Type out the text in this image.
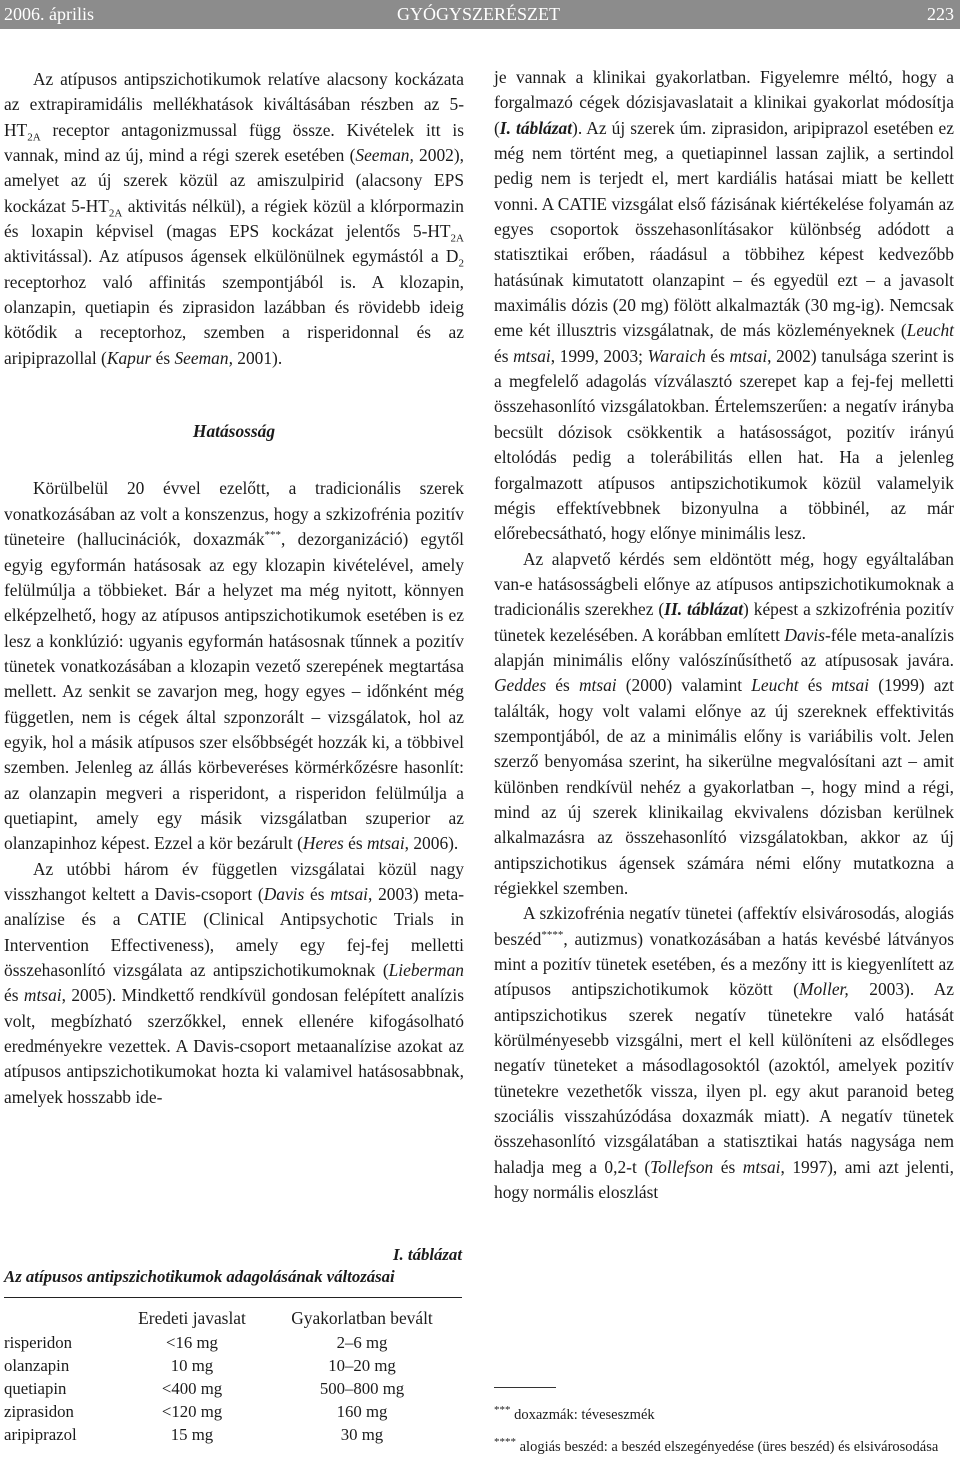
2006. április	GYÓGYSZERÉSZET	223

Az atípusos antipszichotikumok relatíve alacsony kockázata az extrapiramidális mellékhatások kiváltásában részben az $5-HT_{2A}$ receptor antagonizmussal függ össze. Kivételek itt is vannak, mind az új, mind a régi szerek esetében (Seeman, 2002), amelyet az új szerek közül az amiszulpirid (alacsony EPS kockázat $5-HT_{2A}$ aktivitás nélkül), a régiek közül a klórpormazin és loxapin képvisel (magas EPS kockázat jelentős $5-HT_{2A}$ aktivitással). Az atípusos ágensek elkülönülnek egymástól a $D_2$ receptorhoz való affinitás szempontjából is. A klozapin, olanzapin, quetiapin és ziprasidon lazábban és rövidebb ideig kötődik a receptorhoz, szemben a risperidonnal és az aripiprazollal (Kapur és Seeman, 2001).

Hatásosság

Körülbelül 20 évvel ezelőtt, a tradicionális szerek vonatkozásában az volt a konszenzus, hogy a szkizofrénia pozitív tüneteire (hallucinációk, doxazmák***, dezorganizáció) egytől egyig egyformán hatásosak az egy klozapin kivételével, amely felülmúlja a többieket. Bár a helyzet ma még nyitott, könnyen elképzelhető, hogy az atípusos antipszichotikumok esetében is ez lesz a konklúzió: ugyanis egyformán hatásosnak tűnnek a pozitív tünetek vonatkozásában a klozapin vezető szerepének megtartása mellett. Az senkit se zavarjon meg, hogy egyes – időnként még független, nem is cégek által szponzorált – vizsgálatok, hol az egyik, hol a másik atípusos szer elsőbbségét hozzák ki, a többivel szemben. Jelenleg az állás körbeveréses körmérkőzésre hasonlít: az olanzapin megveri a risperidont, a risperidon felülmúlja a quetiapint, amely egy másik vizsgálatban szuperior az olanzapinhoz képest. Ezzel a kör bezárult (Heres és mtsai, 2006).

Az utóbbi három év független vizsgálatai közül nagy visszhangot keltett a Davis-csoport (Davis és mtsai, 2003) meta-analízise és a CATIE (Clinical Antipsychotic Trials in Intervention Effectiveness), amely egy fej-fej melletti összehasonlító vizsgálata az antipszichotikumoknak (Lieberman és mtsai, 2005). Mindkettő rendkívül gondosan felépített analízis volt, megbízható szerzőkkel, ennek ellenére kifogásolható eredményekre vezettek. A Davis-csoport metaanalízise azokat az atípusos antipszichotikumokat hozta ki valamivel hatásosabbnak, amelyek hosszabb ide-

I. táblázat
Az atípusos antipszichotikumok adagolásának változásai
	Eredeti javaslat	Gyakorlatban bevált
risperidon	<16 mg	2–6 mg
olanzapin	10 mg	10–20 mg
quetiapin	<400 mg	500–800 mg
ziprasidon	<120 mg	160 mg
aripiprazol	15 mg	30 mg

je vannak a klinikai gyakorlatban. Figyelemre méltó, hogy a forgalmazó cégek dózisjavaslatait a klinikai gyakorlat módosítja (I. táblázat). Az új szerek úm. ziprasidon, aripiprazol esetében ez még nem történt meg, a quetiapinnel lassan zajlik, a sertindol pedig nem is terjedt el, mert kardiális hatásai miatt be kellett vonni. A CATIE vizsgálat első fázisának kiértékelése folyamán az egyes csoportok összehasonlításakor különbség adódott a statisztikai erőben, ráadásul a többihez képest kedvezőbb hatásúnak kimutatott olanzapint – és egyedül ezt – a javasolt maximális dózis (20 mg) fölött alkalmazták (30 mg-ig). Nemcsak eme két illusztris vizsgálatnak, de más közleményeknek (Leucht és mtsai, 1999, 2003; Waraich és mtsai, 2002) tanulsága szerint is a megfelelő adagolás vízválasztó szerepet kap a fej-fej melletti összehasonlító vizsgálatokban. Értelemszerűen: a negatív irányba becsült dózisok csökkentik a hatásosságot, pozitív irányú eltolódás pedig a tolerábilitás ellen hat. Ha a jelenleg forgalmazott atípusos antipszichotikumok közül valamelyik mégis effektívebbnek bizonyulna a többinél, az már előrebecsátható, hogy előnye minimális lesz.

Az alapvető kérdés sem eldöntött még, hogy egyáltalában van-e hatásosságbeli előnye az atípusos antipszichotikumoknak a tradicionális szerekhez (II. táblázat) képest a szkizofrénia pozitív tünetek kezelésében. A korábban említett Davis-féle meta-analízis alapján minimális előny valószínűsíthető az atípusosak javára. Geddes és mtsai (2000) valamint Leucht és mtsai (1999) azt találták, hogy volt valami előnye az új szereknek effektivitás szempontjából, de az a minimális előny is variábilis volt. Jelen szerző benyomása szerint, ha sikerülne megvalósítani azt – amit különben rendkívül nehéz a gyakorlatban –, hogy mind a régi, mind az új szerek klinikailag ekvivalens dózisban kerülnek alkalmazásra az összehasonlító vizsgálatokban, akkor az új antipszichotikus ágensek számára némi előny mutatkozna a régiekkel szemben.

A szkizofrénia negatív tünetei (affektív elsivárosodás, alogiás beszéd****, autizmus) vonatkozásában a hatás kevésbé látványos mint a pozitív tünetek esetében, és a mezőny itt is kiegyenlített az atípusos antipszichotikumok között (Moller, 2003). Az antipszichotikus szerek negatív tünetekre való hatását körülményesebb vizsgálni, mert el kell különíteni az elsődleges negatív tüneteket a másodlagosoktól (azoktól, amelyek pozitív tünetekre vezethetők vissza, ilyen pl. egy akut paranoid beteg szociális visszahúzódása doxazmák miatt). A negatív tünetek összehasonlító vizsgálatában a statisztikai hatás nagysága nem haladja meg a 0,2-t (Tollefson és mtsai, 1997), ami azt jelenti, hogy normális eloszlást

*** doxazmák: téveseszmék
**** alogiás beszéd: a beszéd elszegényedése (üres beszéd) és elsivárosodása
